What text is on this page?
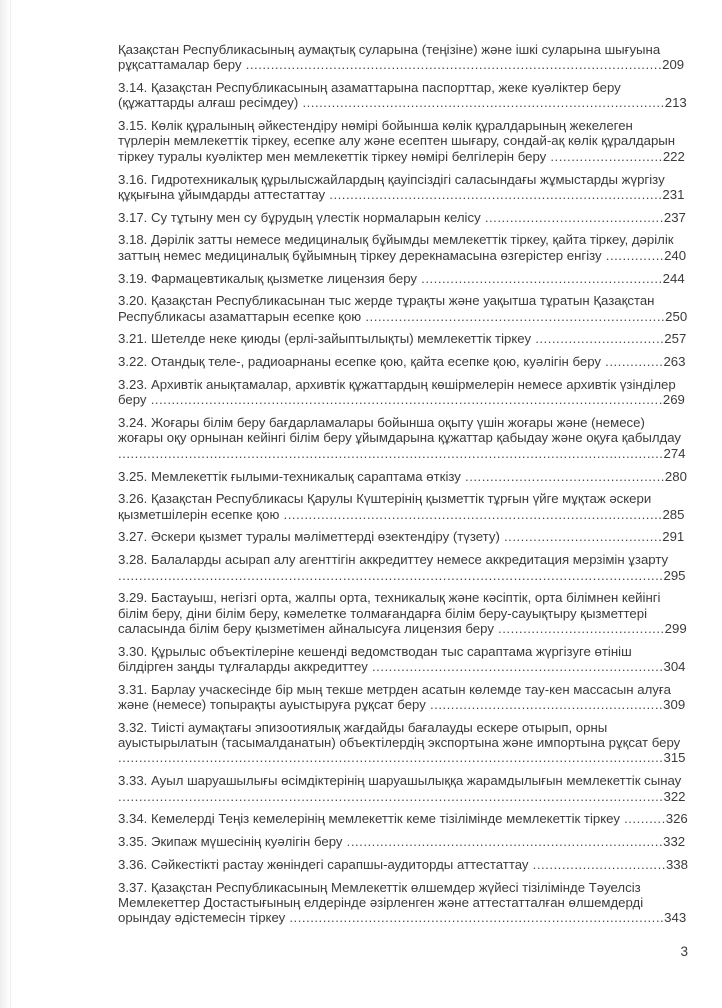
Қазақстан Республикасының аумақтық суларына (теңізіне) және ішкі суларына шығуына рұқсаттамалар беру ....................................................................................................209

3.14. Қазақстан Республикасының азаматтарына паспорттар, жеке куәліктер беру (құжаттарды алғаш ресімдеу) .......................................................................................213

3.15. Көлік құралының әйкестендіру нөмірі бойынша көлік құралдарының жекелеген түрлерін мемлекеттік тіркеу, есепке алу және есептен шығару, сондай-ақ көлік құралдарын тіркеу туралы куәліктер мен мемлекеттік тіркеу нөмірі белгілерін беру ...........................222

3.16. Гидротехникалық құрылысжайлардың қауіпсіздігі саласындағы жұмыстарды жүргізу құқығына ұйымдарды аттестаттау ................................................................................231

3.17. Су тұтыну мен су бұрудың үлестік нормаларын келісу ...........................................237

3.18. Дәрілік затты немесе медициналық бұйымды мемлекеттік тіркеу, қайта тіркеу, дәрілік заттың немес медициналық бұйымның тіркеу дерекнамасына өзгерістер енгізу ..............240

3.19. Фармацевтикалық қызметке лицензия беру ..........................................................244

3.20. Қазақстан Республикасынан тыс жерде тұрақты және уақытша тұратын Қазақстан Республикасы азаматтарын есепке қою ........................................................................250

3.21. Шетелде неке қиюды (ерлі-зайыптылықты) мемлекеттік тіркеу ...............................257

3.22. Отандық теле-, радиоарнаны есепке қою, қайта есепке қою, куәлігін беру ..............263

3.23. Архивтік анықтамалар, архивтік құжаттардың көшірмелерін немесе архивтік үзінділер беру ...........................................................................................................................269

3.24. Жоғары білім беру бағдарламалары бойынша оқыту үшін жоғары және (немесе) жоғары оқу орнынан кейінгі білім беру ұйымдарына құжаттар қабыдау және оқуға қабылдау ...................................................................................................................................274

3.25. Мемлекеттік ғылыми-техникалық сараптама өткізу ................................................280

3.26. Қазақстан Республикасы Қарулы Күштерінің қызметтік тұрғын үйге мұқтаж әскери қызметшілерін есепке қою ...........................................................................................285

3.27. Әскери қызмет туралы мәліметтерді өзектендіру (түзету) ......................................291

3.28. Балаларды асырап алу агенттігін аккредиттеу немесе аккредитация мерзімін ұзарту ...................................................................................................................................295

3.29. Бастауыш, негізгі орта, жалпы орта, техникалық және кәсіптік, орта білімнен кейінгі білім беру, діни білім беру, кәмелетке толмағандарға білім беру-сауықтыру қызметтері саласында білім беру қызметімен айналысуға лицензия беру ........................................299

3.30. Құрылыс объектілеріне кешенді ведомстводан тыс сараптама жүргізуге өтініш білдірген заңды тұлғаларды аккредиттеу ......................................................................304

3.31. Барлау учаскесінде бір мың текше метрден асатын көлемде тау-кен массасын алуға және (немесе) топырақты ауыстыруға рұқсат беру ........................................................309

3.32. Тиісті аумақтағы эпизоотиялық жағдайды бағалауды ескере отырып, орны ауыстырылатын (тасымалданатын) объектілердің экспортына және импортына рұқсат беру ...................................................................................................................................315

3.33. Ауыл шаруашылығы өсімдіктерінің шаруашылыққа жарамдылығын мемлекеттік сынау ...................................................................................................................................322

3.34. Кемелерді Теңіз кемелерінің мемлекеттік кеме тізілімінде мемлекеттік тіркеу ..........326

3.35. Экипаж мүшесінің куәлігін беру ............................................................................332

3.36. Сәйкестікті растау жөніндегі сарапшы-аудиторды аттестаттау ................................338

3.37. Қазақстан Республикасының Мемлекеттік өлшемдер жүйесі тізілімінде Тәуелсіз Мемлекеттер Достастығының елдерінде әзірленген және аттестатталған өлшемдерді орындау әдістемесін тіркеу ..........................................................................................343

3
